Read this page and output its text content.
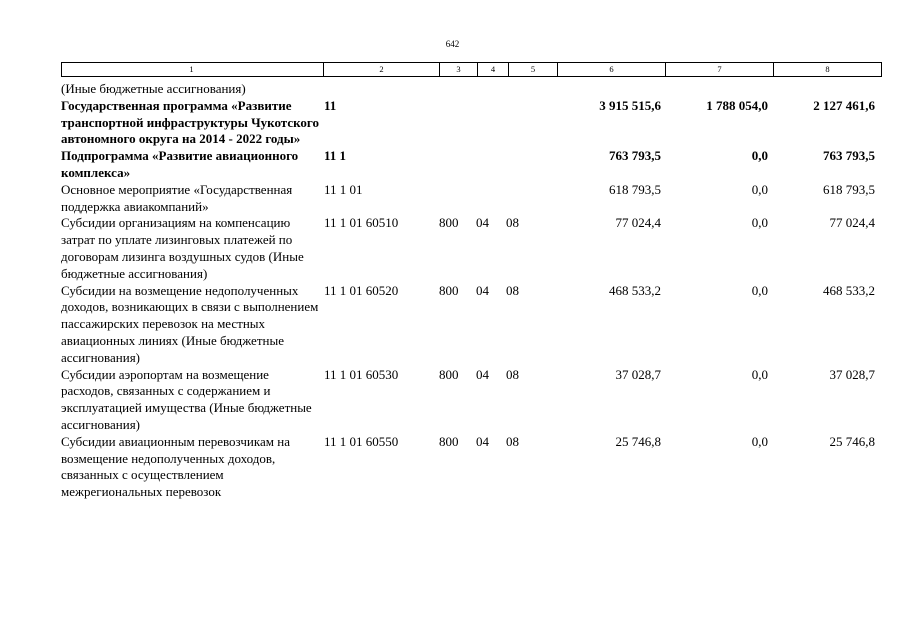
642
1	2	3	4	5	6	7	8
(Иные бюджетные ассигнования)							
Государственная программа «Развитие транспортной инфраструктуры Чукотского автономного округа на 2014 - 2022 годы»	11				3 915 515,6	1 788 054,0	2 127 461,6
Подпрограмма «Развитие авиационного комплекса»	11 1				763 793,5	0,0	763 793,5
Основное мероприятие «Государственная поддержка авиакомпаний»	11 1 01				618 793,5	0,0	618 793,5
Субсидии организациям на компенсацию затрат по уплате лизинговых платежей по договорам лизинга воздушных судов (Иные бюджетные ассигнования)	11 1 01 60510	800	04	08	77 024,4	0,0	77 024,4
Субсидии на возмещение недополученных доходов, возникающих в связи с выполнением пассажирских перевозок на местных авиационных линиях (Иные бюджетные ассигнования)	11 1 01 60520	800	04	08	468 533,2	0,0	468 533,2
Субсидии аэропортам на возмещение расходов, связанных с содержанием и эксплуатацией имущества (Иные бюджетные ассигнования)	11 1 01 60530	800	04	08	37 028,7	0,0	37 028,7
Субсидии авиационным перевозчикам на возмещение недополученных доходов, связанных с осуществлением межрегиональных перевозок	11 1 01 60550	800	04	08	25 746,8	0,0	25 746,8
